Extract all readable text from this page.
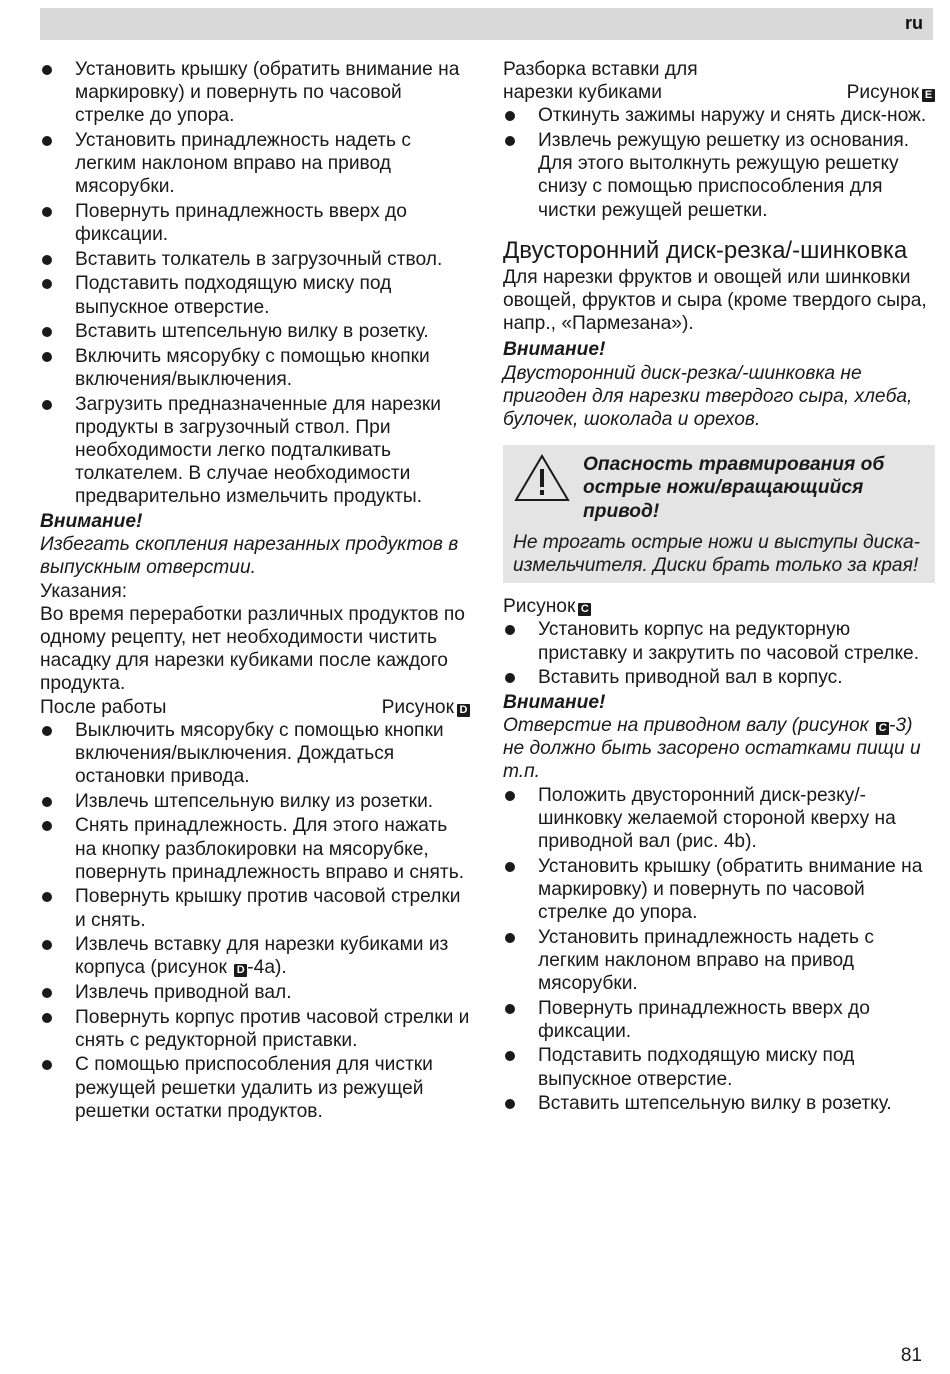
ru
Установить крышку (обратить внимание на маркировку) и повернуть по часовой стрелке до упора.
Установить принадлежность надеть с легким наклоном вправо на привод мясорубки.
Повернуть принадлежность вверх до фиксации.
Вставить толкатель в загрузочный ствол.
Подставить подходящую миску под выпускное отверстие.
Вставить штепсельную вилку в розетку.
Включить мясорубку с помощью кнопки включения/выключения.
Загрузить предназначенные для нарезки продукты в загрузочный ствол. При необходимости легко подталкивать толкателем. В случае необходимости предварительно измельчить продукты.

Внимание!

Избегать скопления нарезанных продуктов в выпускным отверстии.

Указания:

Во время переработки различных продуктов по одному рецепту, нет необходимости чистить насадку для нарезки кубиками после каждого продукта.

После работы	Рисунок D
Выключить мясорубку с помощью кнопки включения/выключения. Дождаться остановки привода.
Извлечь штепсельную вилку из розетки.
Снять принадлежность. Для этого нажать на кнопку разблокировки на мясорубке, повернуть принадлежность вправо и снять.
Повернуть крышку против часовой стрелки и снять.
Извлечь вставку для нарезки кубиками из корпуса (рисунок D -4a).
Извлечь приводной вал.
Повернуть корпус против часовой стрелки и снять с редукторной приставки.
С помощью приспособления для чистки режущей решетки удалить из режущей решетки остатки продуктов.

Разборка вставки для

нарезки кубиками	Рисунок E
Откинуть зажимы наружу и снять диск-нож.
Извлечь режущую решетку из основания. Для этого вытолкнуть режущую решетку снизу с помощью приспособления для чистки режущей решетки.
Двусторонний диск-резка/-шинковка

Для нарезки фруктов и овощей или шинковки овощей, фруктов и сыра (кроме твердого сыра, напр., «Пармезана»).

Внимание!

Двусторонний диск-резка/-шинковка не пригоден для нарезки твердого сыра, хлеба, булочек, шоколада и орехов.

Опасность травмирования об острые ножи/вращающийся привод!
Не трогать острые ножи и выступы диска-измельчителя. Диски брать только за края!

Рисунок C

Установить корпус на редукторную приставку и закрутить по часовой стрелке.
Вставить приводной вал в корпус.

Внимание!

Отверстие на приводном валу (рисунок C -3) не должно быть засорено остатками пищи и т.п.

Положить двусторонний диск-резку/-шинковку желаемой стороной кверху на приводной вал (рис. 4b).
Установить крышку (обратить внимание на маркировку) и повернуть по часовой стрелке до упора.
Установить принадлежность надеть с легким наклоном вправо на привод мясорубки.
Повернуть принадлежность вверх до фиксации.
Подставить подходящую миску под выпускное отверстие.
Вставить штепсельную вилку в розетку.
81
